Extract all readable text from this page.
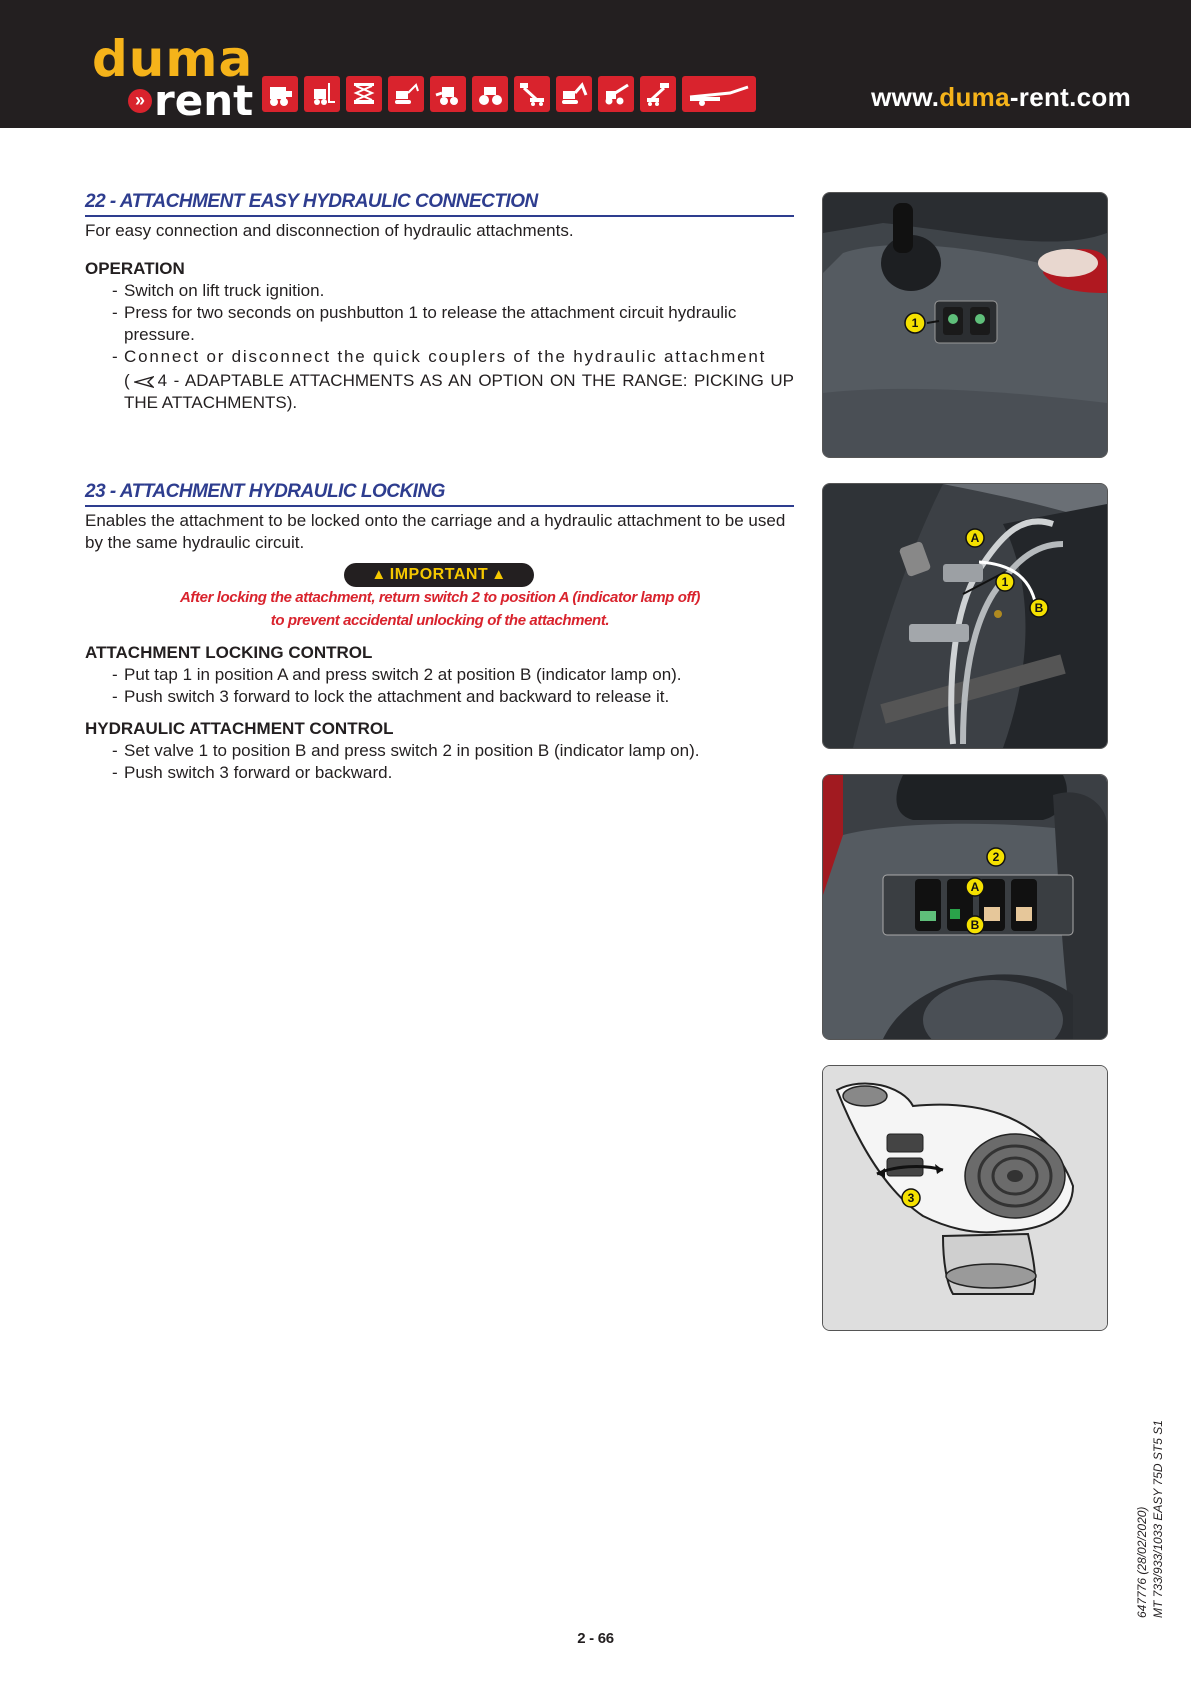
duma
» rent	www.duma-rent.com
22 - ATTACHMENT EASY HYDRAULIC CONNECTION
For easy connection and disconnection of hydraulic attachments.
OPERATION
- Switch on lift truck ignition.
- Press for two seconds on pushbutton 1 to release the attachment circuit hydraulic pressure.
- Connect or disconnect the quick couplers of the hydraulic attachment
( 4 - ADAPTABLE ATTACHMENTS AS AN OPTION ON THE RANGE: PICKING UP THE ATTACHMENTS).
23 - ATTACHMENT HYDRAULIC LOCKING
Enables the attachment to be locked onto the carriage and a hydraulic attachment to be used by the same hydraulic circuit.
▲ IMPORTANT ▲
After locking the attachment, return switch 2 to position A (indicator lamp off)
to prevent accidental unlocking of the attachment.
ATTACHMENT LOCKING CONTROL
- Put tap 1 in position A and press switch 2 at position B (indicator lamp on).
- Push switch 3 forward to lock the attachment and backward to release it.
HYDRAULIC ATTACHMENT CONTROL
- Set valve 1 to position B and press switch 2 in position B (indicator lamp on).
- Push switch 3 forward or backward.
1
A
1
B
2
A
B
3
2 - 66
647776 (28/02/2020) MT 733/933/1033 EASY 75D ST5 S1
